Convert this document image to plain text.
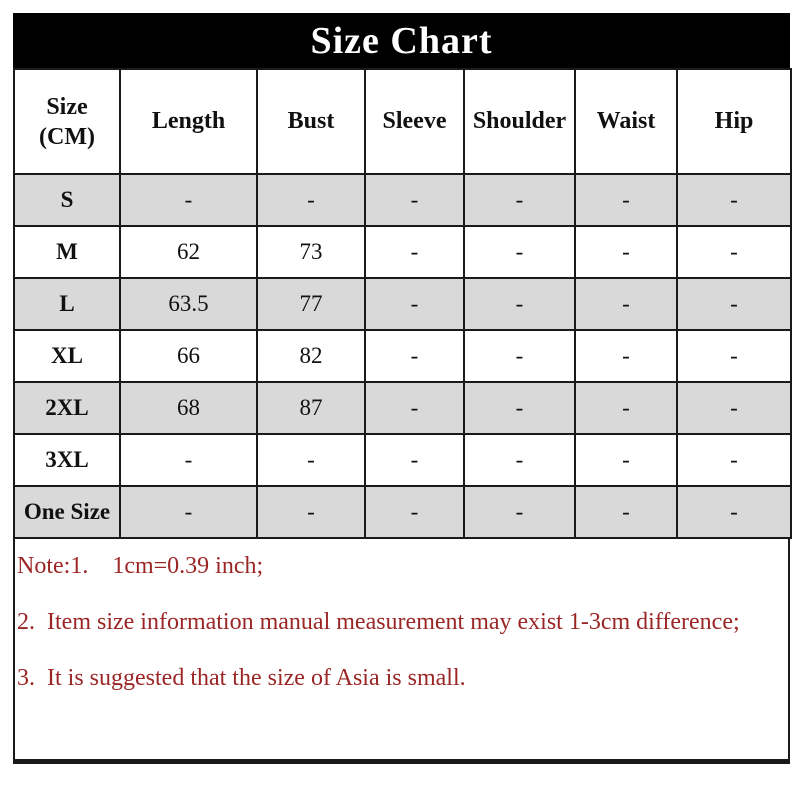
Size Chart
Size
(CM)	Length	Bust	Sleeve	Shoulder	Waist	Hip
S	-	-	-	-	-	-
M	62	73	-	-	-	-
L	63.5	77	-	-	-	-
XL	66	82	-	-	-	-
2XL	68	87	-	-	-	-
3XL	-	-	-	-	-	-
One Size	-	-	-	-	-	-

Note:1.    1cm=0.39 inch;

2.  Item size information manual measurement may exist 1-3cm difference;

3.  It is suggested that the size of Asia is small.
